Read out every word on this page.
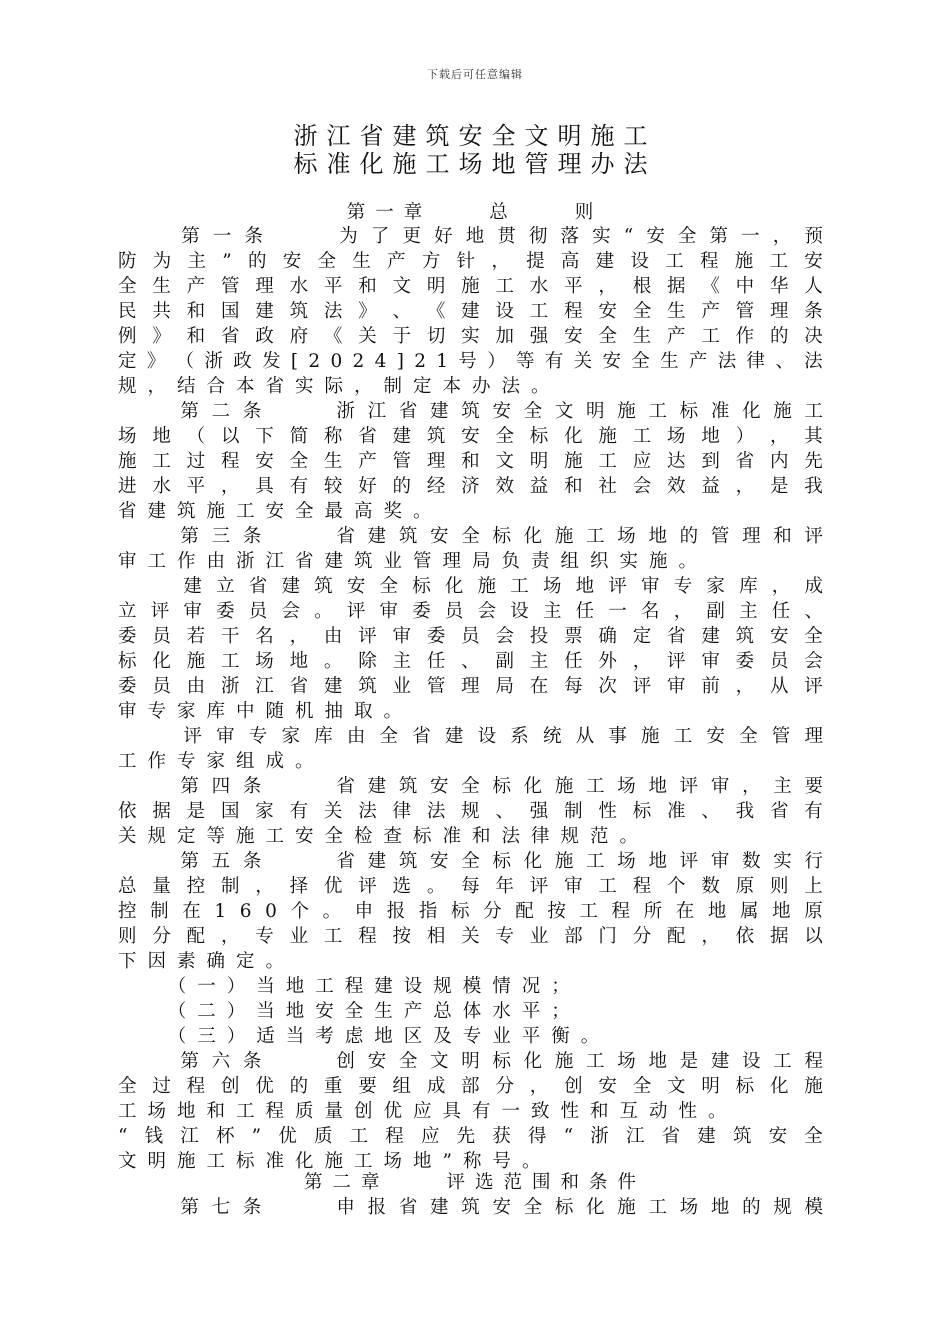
下载后可任意编辑
浙江省建筑安全文明施工
标准化施工场地管理办法
第一章　　总　　则

第 一 条

　	为 了 更 好 地 贯 彻 落 实 “ 安 全 第 一 ， 预
防 为 主 ” 的 安 全 生 产 方 针 ， 提 高 建 设 工 程 施 工 安
全 生 产 管 理 水 平 和 文 明 施 工 水 平 ， 根 据 《 中 华 人
民 共 和 国 建 筑 法 》 、 《 建 设 工 程 安 全 生 产 管 理 条
例 》 和 省 政 府 《 关 于 切 实 加 强 安 全 生 产 工 作 的 决
定 》 （ 浙 政 发 [ 2 0 2 4 ] 2 1 号 ） 等 有 关 安 全 生 产 法 律 、 法
规，结合本省实际，制定本办法。

第 二 条

　	浙 江 省 建 筑 安 全 文 明 施 工 标 准 化 施 工
场 地 （ 以 下 简 称 省 建 筑 安 全 标 化 施 工 场 地 ） ， 其
施 工 过 程 安 全 生 产 管 理 和 文 明 施 工 应 达 到 省 内 先
进 水 平 ， 具 有 较 好 的 经 济 效 益 和 社 会 效 益 ， 是 我
省建筑施工安全最高奖。

第 三 条

　	省 建 筑 安 全 标 化 施 工 场 地 的 管 理 和 评
审工作由浙江省建筑业管理局负责组织实施。

建 立 省 建 筑 安 全 标 化 施 工 场 地 评 审 专 家 库 ， 成
立 评 审 委 员 会 。 评 审 委 员 会 设 主 任 一 名 ， 副 主 任 、
委 员 若 干 名 ， 由 评 审 委 员 会 投 票 确 定 省 建 筑 安 全
标 化 施 工 场 地 。 除 主 任 、 副 主 任 外 ， 评 审 委 员 会
委 员 由 浙 江 省 建 筑 业 管 理 局 在 每 次 评 审 前 ， 从 评
审专家库中随机抽取。

评 审 专 家 库 由 全 省 建 设 系 统 从 事 施 工 安 全 管 理
工作专家组成。

第 四 条

　	省 建 筑 安 全 标 化 施 工 场 地 评 审 ， 主 要
依 据 是 国 家 有 关 法 律 法 规 、 强 制 性 标 准 、 我 省 有
关规定等施工安全检查标准和法律规范。

第 五 条

　	省 建 筑 安 全 标 化 施 工 场 地 评 审 数 实 行
总 量 控 制 ， 择 优 评 选 。 每 年 评 审 工 程 个 数 原 则 上
控 制 在 1 6 0 个 。 申 报 指 标 分 配 按 工 程 所 在 地 属 地 原
则 分 配 ， 专 业 工 程 按 相 关 专 业 部 门 分 配 ， 依 据 以
下因素确定。
　　（一）当地工程建设规模情况；
　　（二）当地安全生产总体水平；
　　（三）适当考虑地区及专业平衡。

第 六 条

　	创 安 全 文 明 标 化 施 工 场 地 是 建 设 工 程
全 过 程 创 优 的 重 要 组 成 部 分 ， 创 安 全 文 明 标 化 施
工场地和工程质量创优应具有一致性和互动性。
“ 钱 江 杯 ” 优 质 工 程 应 先 获 得 “ 浙 江 省 建 筑 安 全
文明施工标准化施工场地”称号。
第二章　　评选范围和条件

第 七 条

　	申 报 省 建 筑 安 全 标 化 施 工 场 地 的 规 模
